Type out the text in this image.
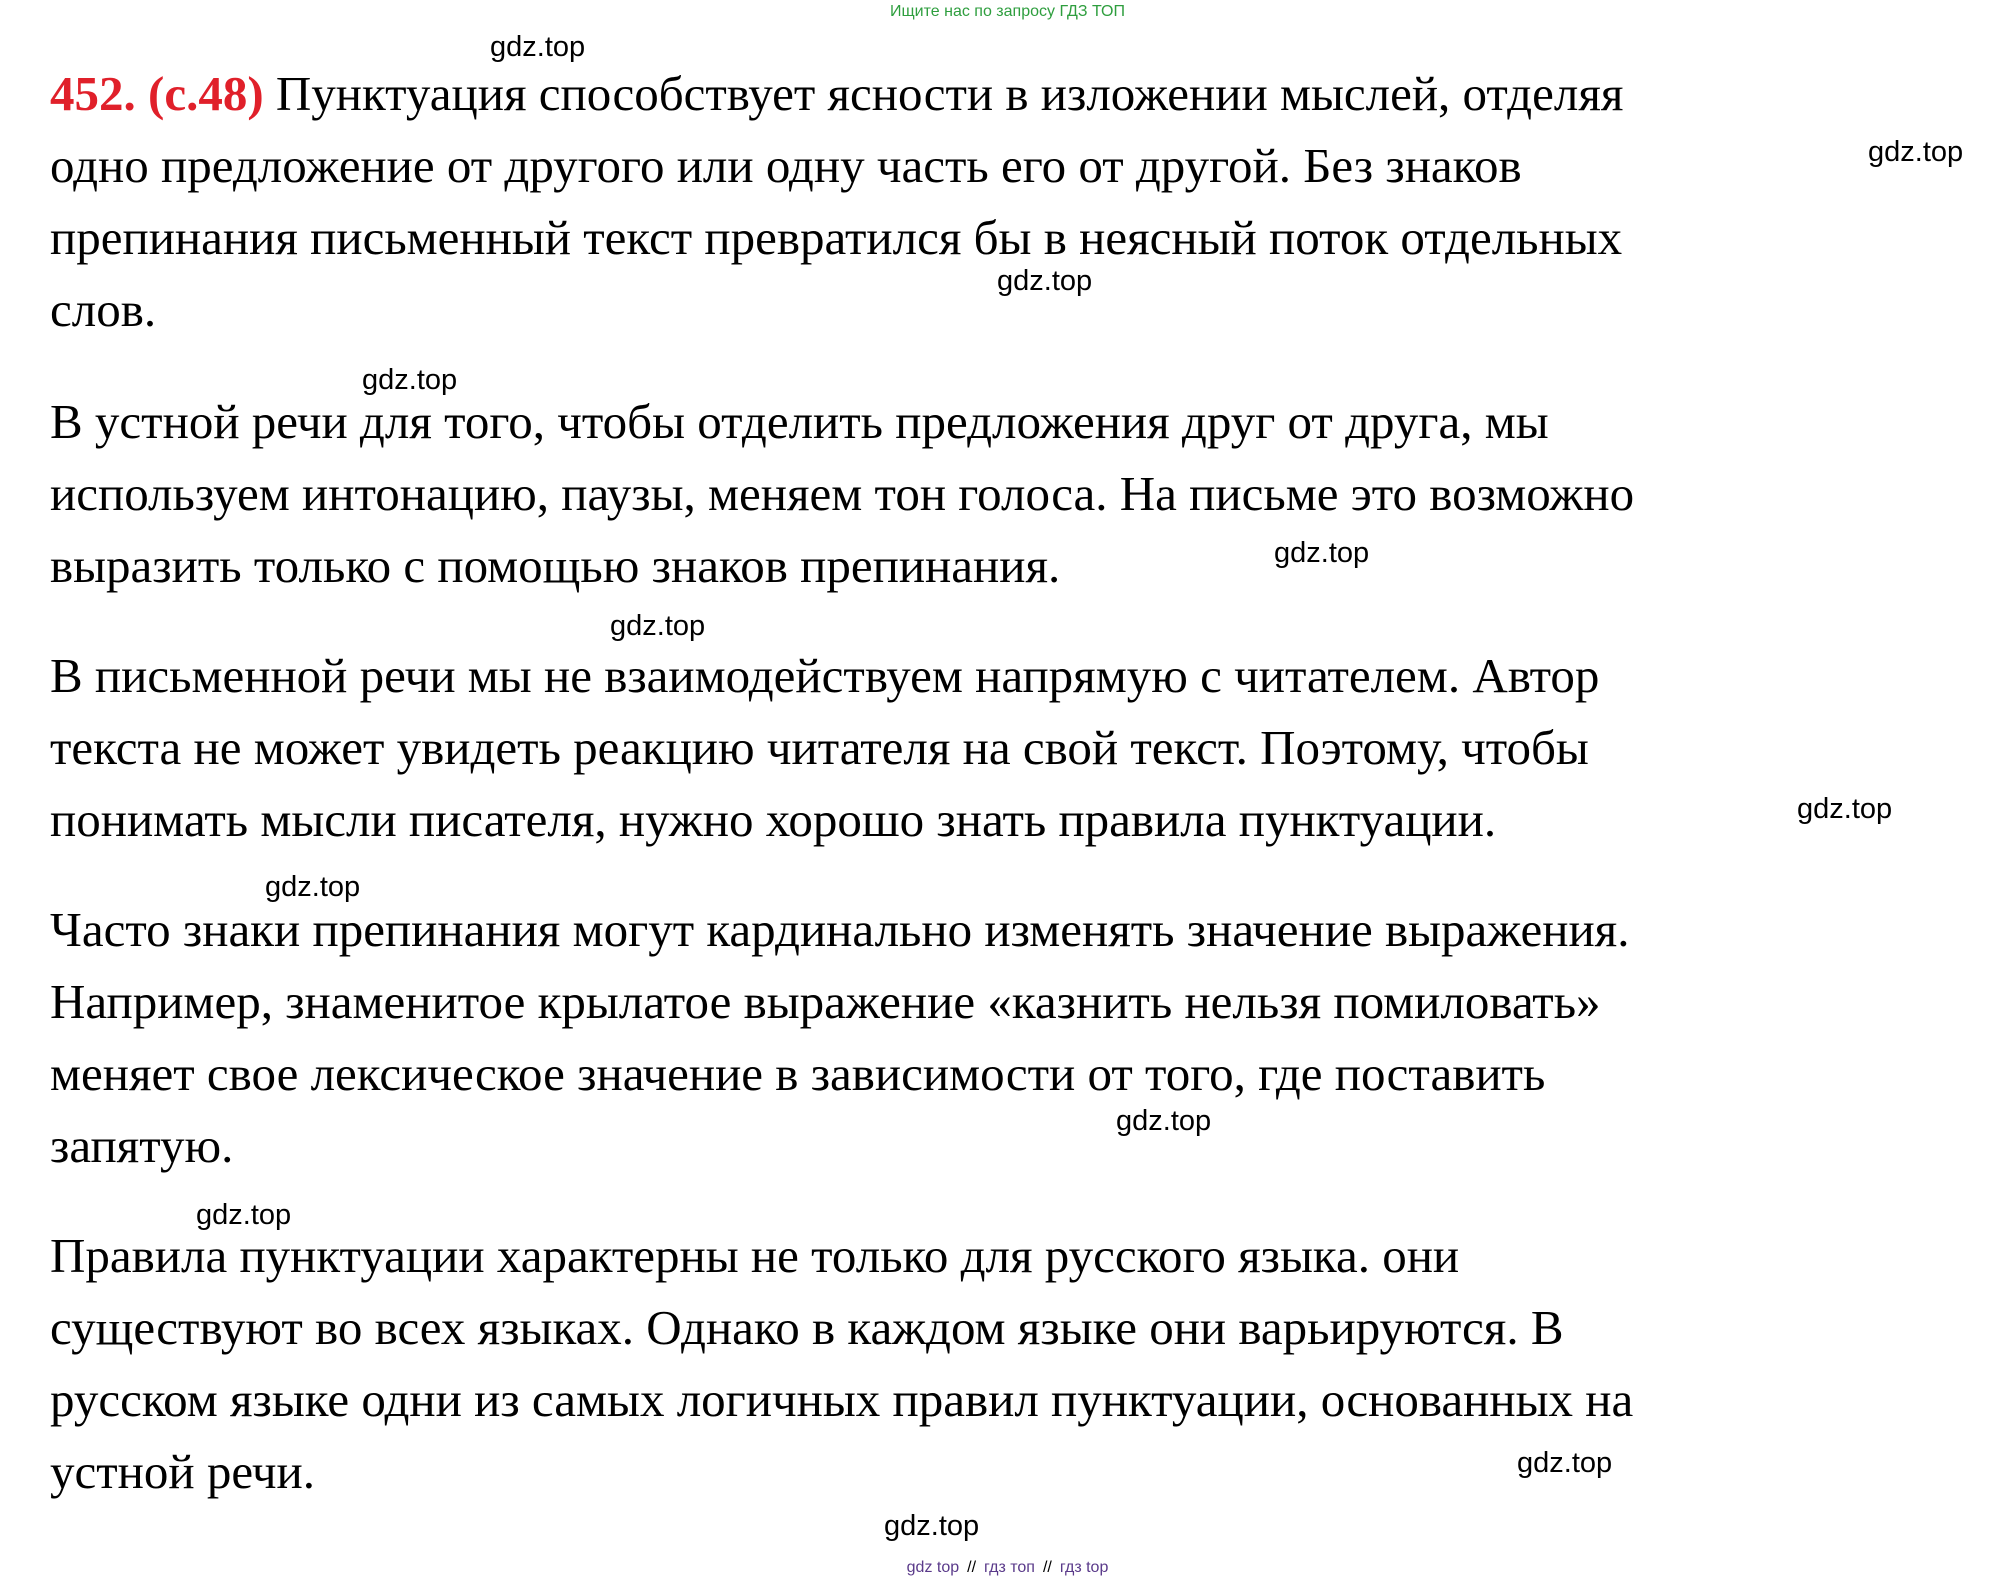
Ищите нас по запросу ГДЗ ТОП
gdz.top
gdz.top
gdz.top
gdz.top
gdz.top
gdz.top
gdz.top
gdz.top
gdz.top
gdz.top
gdz.top
gdz.top
452. (с.48) Пунктуация способствует ясности в изложении мыслей, отделяя
одно предложение от другого или одну часть его от другой. Без знаков
препинания письменный текст превратился бы в неясный поток отдельных
слов.
В устной речи для того, чтобы отделить предложения друг от друга, мы
используем интонацию, паузы, меняем тон голоса. На письме это возможно
выразить только с помощью знаков препинания.
В письменной речи мы не взаимодействуем напрямую с читателем. Автор
текста не может увидеть реакцию читателя на свой текст. Поэтому, чтобы
понимать мысли писателя, нужно хорошо знать правила пунктуации.
Часто знаки препинания могут кардинально изменять значение выражения.
Например, знаменитое крылатое выражение «казнить нельзя помиловать»
меняет свое лексическое значение в зависимости от того, где поставить
запятую.
Правила пунктуации характерны не только для русского языка. они
существуют во всех языках. Однако в каждом языке они варьируются. В
русском языке одни из самых логичных правил пунктуации, основанных на
устной речи.
gdz top // гдз топ // гдз top
